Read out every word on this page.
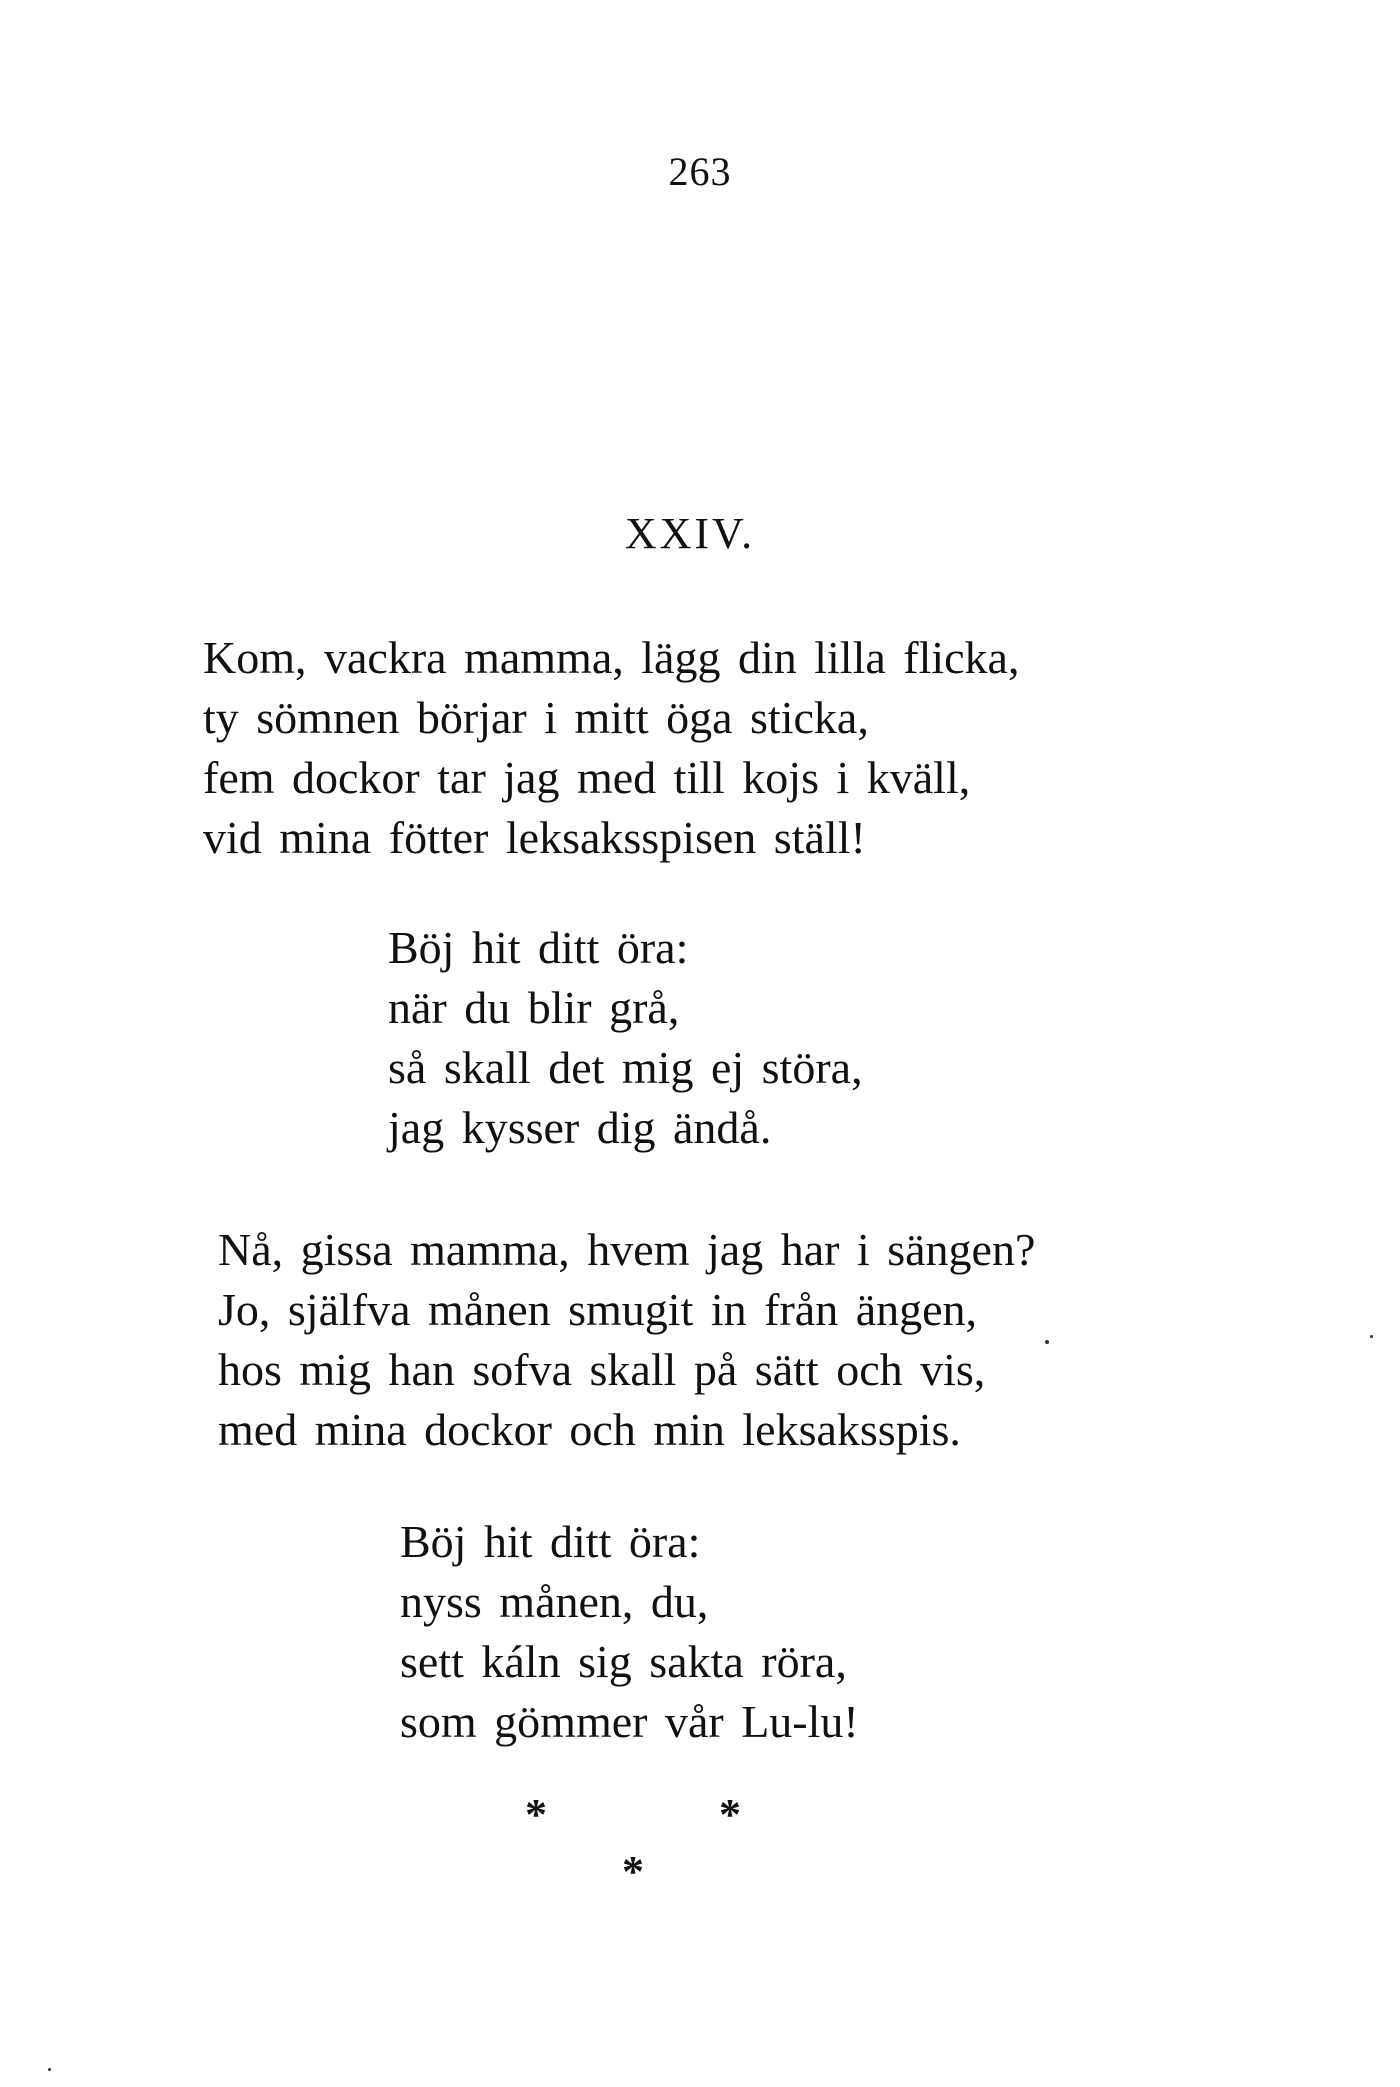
263
XXIV.
Kom, vackra mamma, lägg din lilla flicka,
ty sömnen börjar i mitt öga sticka,
fem dockor tar jag med till kojs i kväll,
vid mina fötter leksaksspisen ställ!
Böj hit ditt öra:
när du blir grå,
så skall det mig ej störa,
jag kysser dig ändå.
Nå, gissa mamma, hvem jag har i sängen?
Jo, själfva månen smugit in från ängen,
hos mig han sofva skall på sätt och vis,
med mina dockor och min leksaksspis.
Böj hit ditt öra:
nyss månen, du,
sett káln sig sakta röra,
som gömmer vår Lu-lu!
*	*
*
